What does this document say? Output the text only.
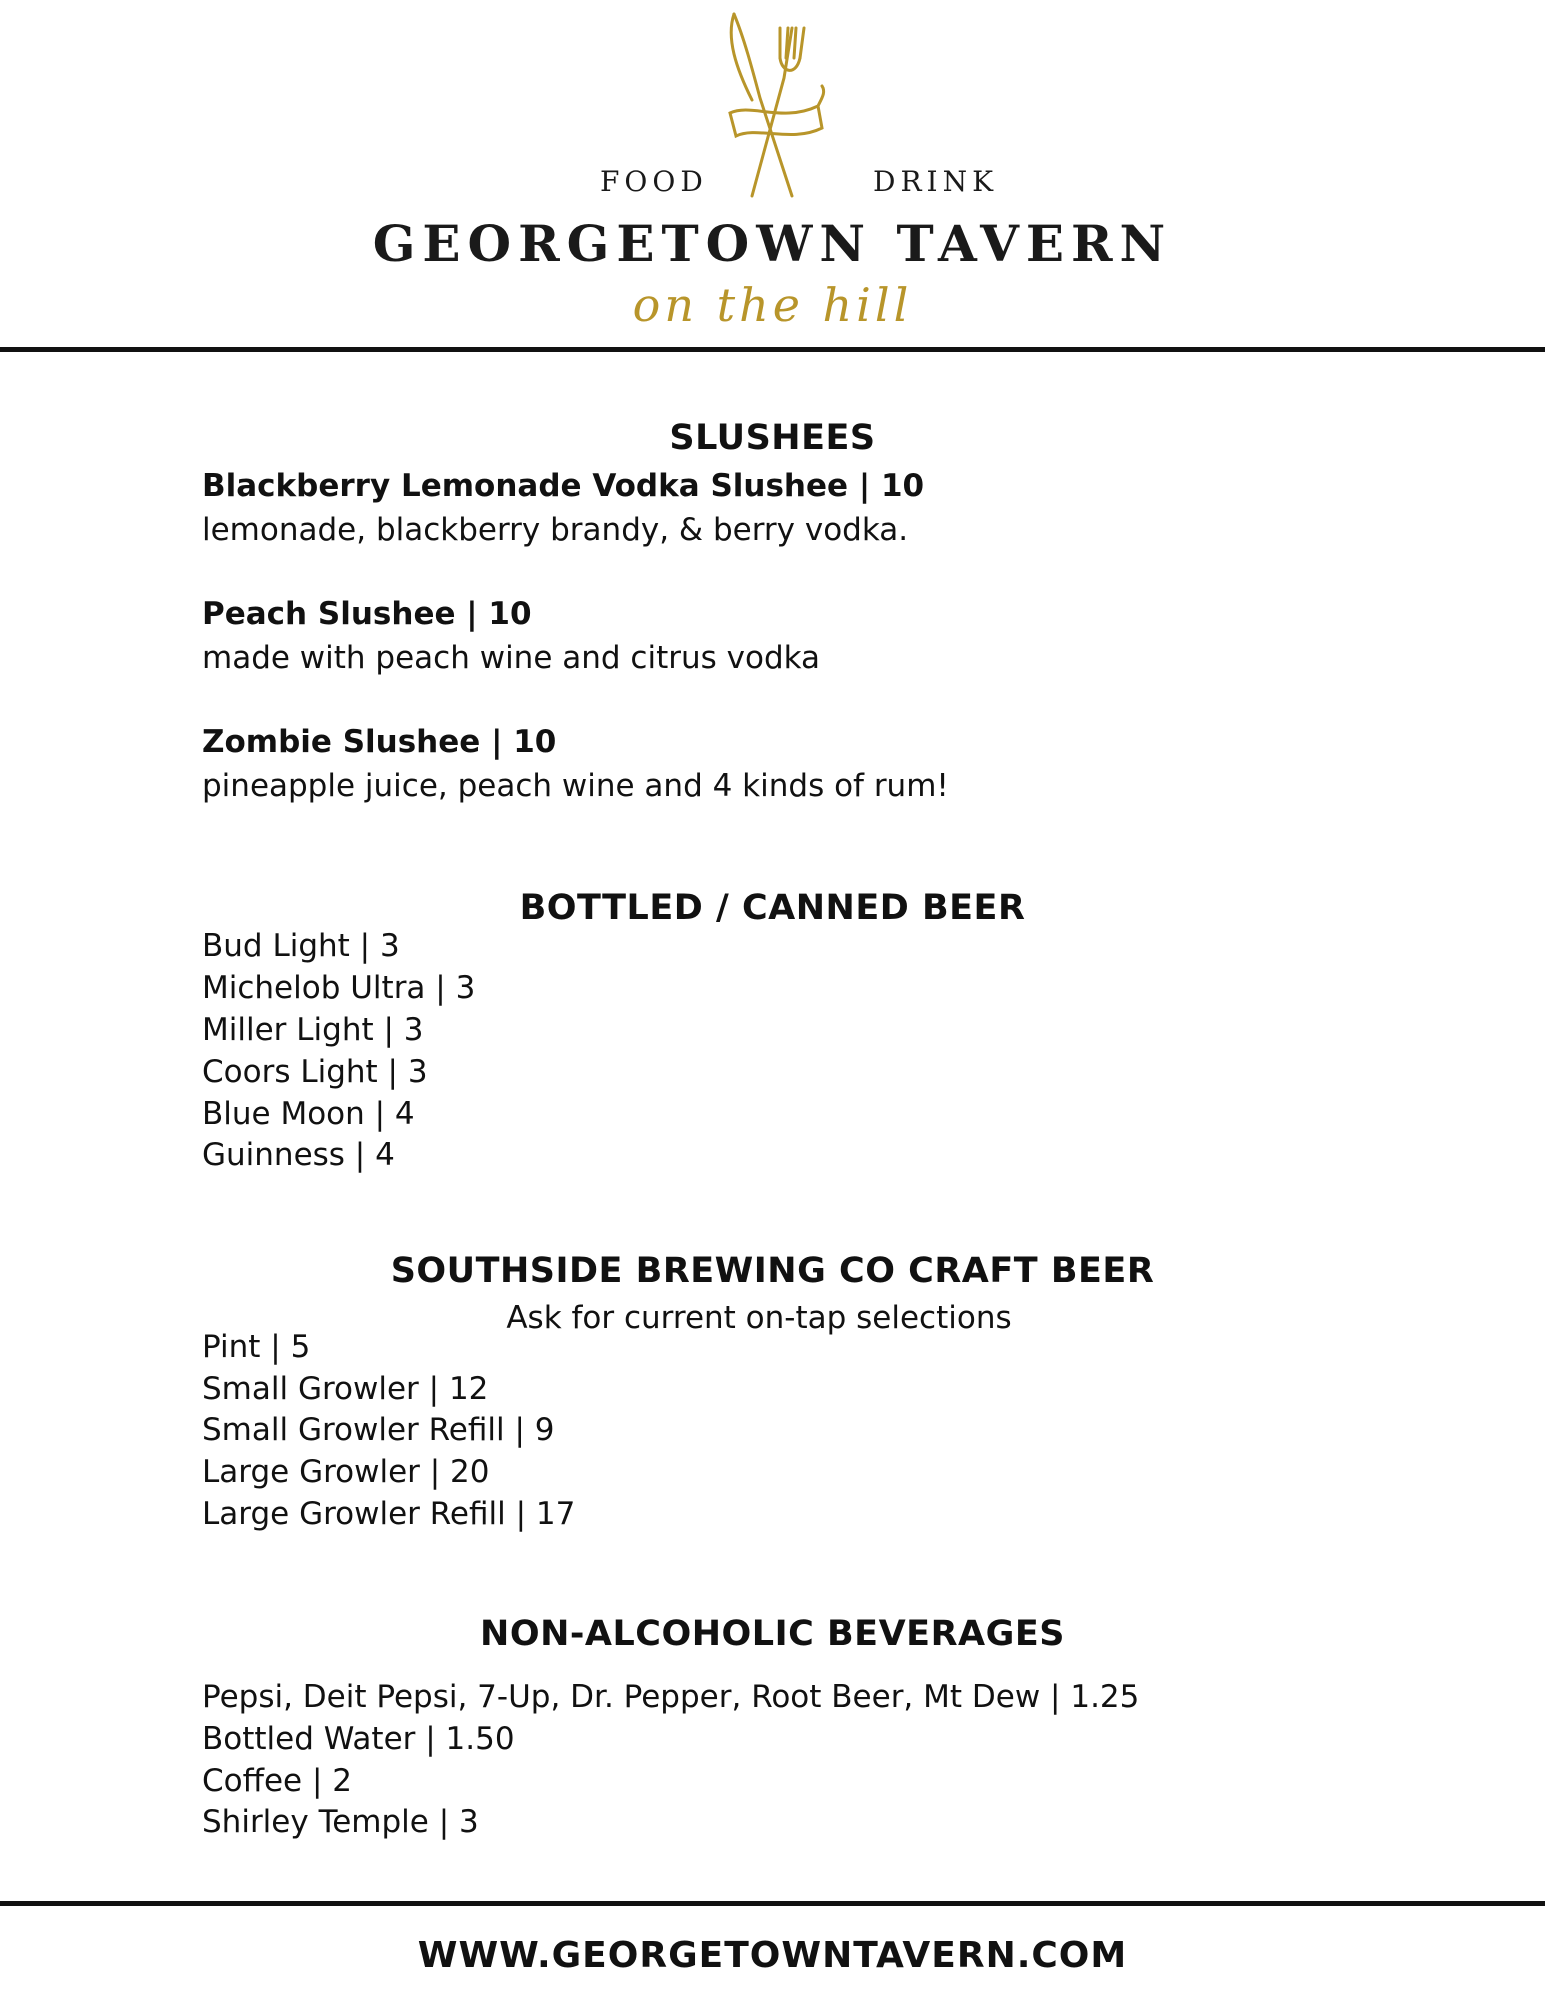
FOOD	DRINK
GEORGETOWN TAVERN
on the hill
SLUSHEES
Blackberry Lemonade Vodka Slushee | 10
lemonade, blackberry brandy, & berry vodka.
Peach Slushee | 10
made with peach wine and citrus vodka
Zombie Slushee | 10
pineapple juice, peach wine and 4 kinds of rum!
BOTTLED / CANNED BEER
Bud Light | 3
Michelob Ultra | 3
Miller Light | 3
Coors Light | 3
Blue Moon | 4
Guinness | 4
SOUTHSIDE BREWING CO CRAFT BEER
Ask for current on-tap selections
Pint | 5
Small Growler | 12
Small Growler Refill | 9
Large Growler | 20
Large Growler Refill | 17
NON-ALCOHOLIC BEVERAGES
Pepsi, Deit Pepsi, 7-Up, Dr. Pepper, Root Beer, Mt Dew | 1.25
Bottled Water | 1.50
Coffee | 2
Shirley Temple | 3
WWW.GEORGETOWNTAVERN.COM
